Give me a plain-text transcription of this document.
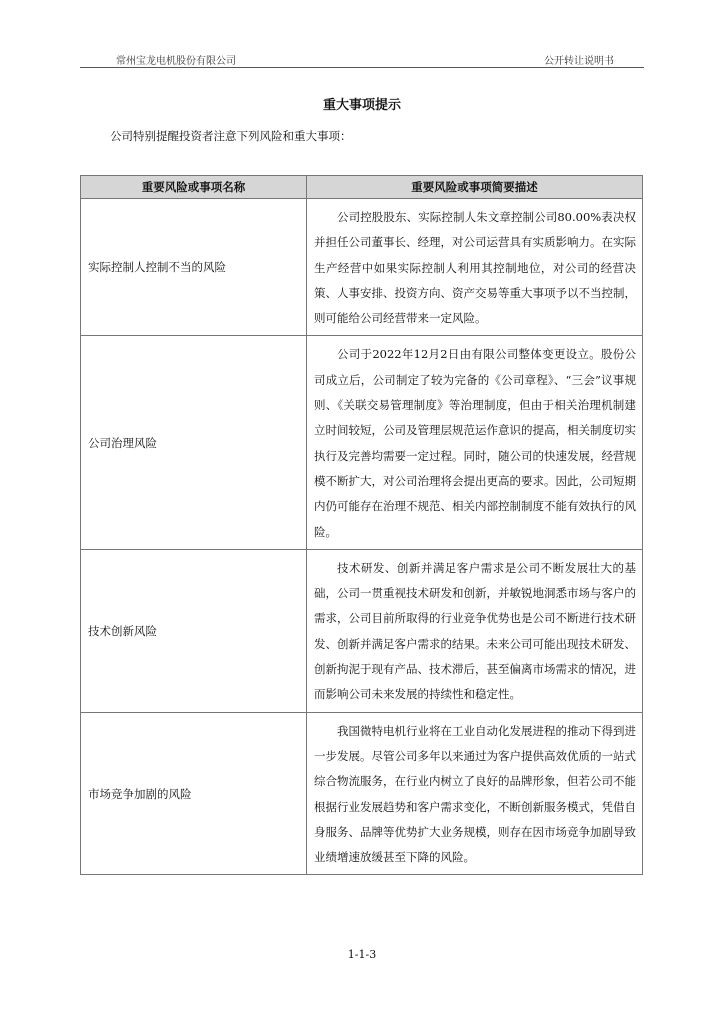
常州宝龙电机股份有限公司	公开转让说明书
重大事项提示
公司特别提醒投资者注意下列风险和重大事项：
重要风险或事项名称	重要风险或事项简要描述
实际控制人控制不当的风险	公司控股股东、实际控制人朱文章控制公司80.00%表决权并担任公司董事长、经理，对公司运营具有实质影响力。在实际生产经营中如果实际控制人利用其控制地位，对公司的经营决策、人事安排、投资方向、资产交易等重大事项予以不当控制，则可能给公司经营带来一定风险。
公司治理风险	公司于2022年12月2日由有限公司整体变更设立。股份公司成立后，公司制定了较为完备的《公司章程》、“三会”议事规则、《关联交易管理制度》等治理制度，但由于相关治理机制建立时间较短，公司及管理层规范运作意识的提高，相关制度切实执行及完善均需要一定过程。同时，随公司的快速发展，经营规模不断扩大，对公司治理将会提出更高的要求。因此，公司短期内仍可能存在治理不规范、相关内部控制制度不能有效执行的风险。
技术创新风险	技术研发、创新并满足客户需求是公司不断发展壮大的基础，公司一贯重视技术研发和创新，并敏锐地洞悉市场与客户的需求，公司目前所取得的行业竞争优势也是公司不断进行技术研发、创新并满足客户需求的结果。未来公司可能出现技术研发、创新拘泥于现有产品、技术滞后，甚至偏离市场需求的情况，进而影响公司未来发展的持续性和稳定性。
市场竞争加剧的风险	我国微特电机行业将在工业自动化发展进程的推动下得到进一步发展。尽管公司多年以来通过为客户提供高效优质的一站式综合物流服务，在行业内树立了良好的品牌形象，但若公司不能根据行业发展趋势和客户需求变化，不断创新服务模式，凭借自身服务、品牌等优势扩大业务规模，则存在因市场竞争加剧导致业绩增速放缓甚至下降的风险。
1-1-3
